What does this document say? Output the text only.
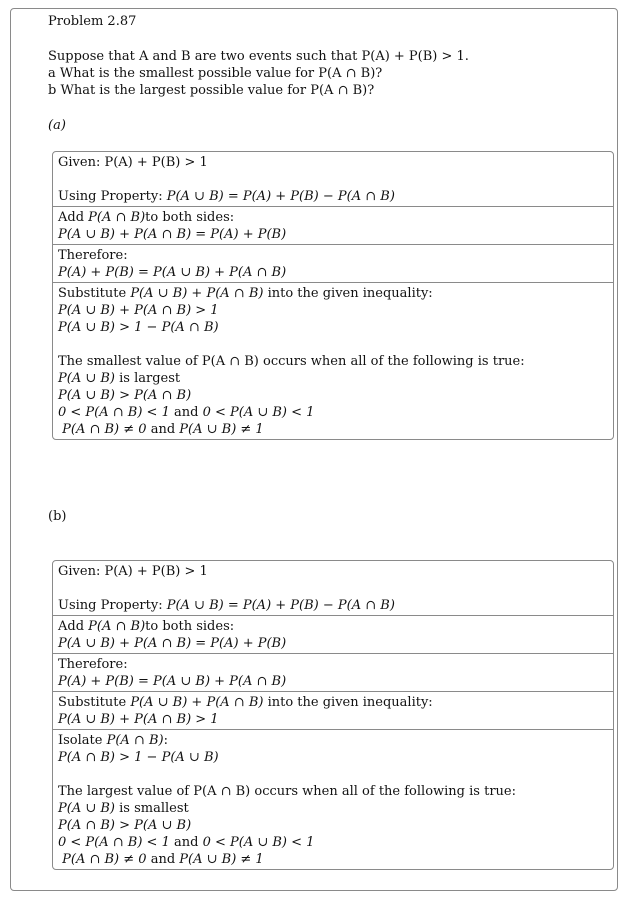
Problem 2.87
Suppose that A and B are two events such that P(A) + P(B) > 1.
a What is the smallest possible value for P(A ∩ B)?
b What is the largest possible value for P(A ∩ B)?
(a)
Given: P(A) + P(B) > 1
Using Property: P(A ∪ B) = P(A) + P(B) − P(A ∩ B)
Add P(A ∩ B)to both sides:
P(A ∪ B) + P(A ∩ B) = P(A) + P(B)
Therefore:
P(A) + P(B) = P(A ∪ B) + P(A ∩ B)
Substitute P(A ∪ B) + P(A ∩ B) into the given inequality:
P(A ∪ B) + P(A ∩ B) > 1
P(A ∪ B) > 1 − P(A ∩ B)
The smallest value of P(A ∩ B) occurs when all of the following is true:
P(A ∪ B) is largest
P(A ∪ B) > P(A ∩ B)
0 < P(A ∩ B) < 1 and 0 < P(A ∪ B) < 1
P(A ∩ B) ≠ 0 and P(A ∪ B) ≠ 1
(b)
Given: P(A) + P(B) > 1
Using Property: P(A ∪ B) = P(A) + P(B) − P(A ∩ B)
Add P(A ∩ B)to both sides:
P(A ∪ B) + P(A ∩ B) = P(A) + P(B)
Therefore:
P(A) + P(B) = P(A ∪ B) + P(A ∩ B)
Substitute P(A ∪ B) + P(A ∩ B) into the given inequality:
P(A ∪ B) + P(A ∩ B) > 1
Isolate P(A ∩ B):
P(A ∩ B) > 1 − P(A ∪ B)
The largest value of P(A ∩ B) occurs when all of the following is true:
P(A ∪ B) is smallest
P(A ∩ B) > P(A ∪ B)
0 < P(A ∩ B) < 1 and 0 < P(A ∪ B) < 1
P(A ∩ B) ≠ 0 and P(A ∪ B) ≠ 1
